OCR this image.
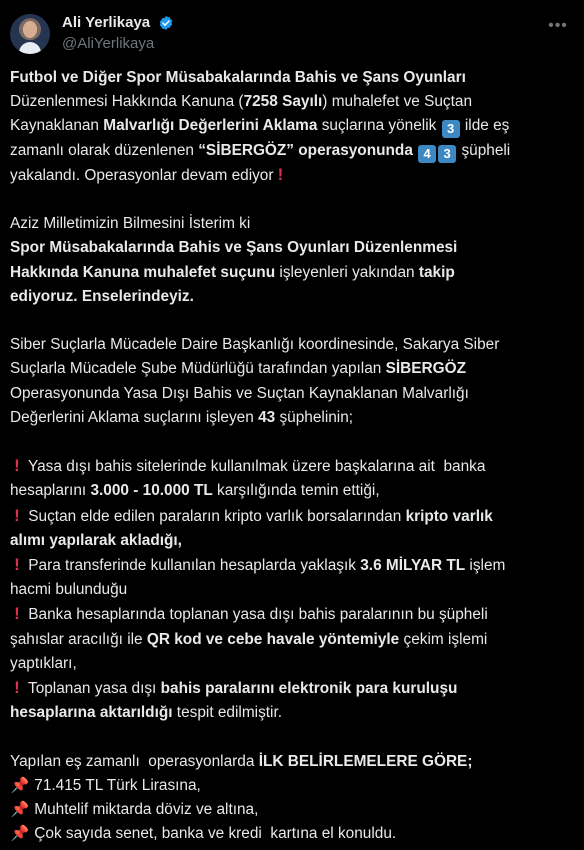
Ali Yerlikaya
@AliYerlikaya
•••
Futbol ve Diğer Spor Müsabakalarında Bahis ve Şans Oyunları
Düzenlenmesi Hakkında Kanuna (7258 Sayılı) muhalefet ve Suçtan
Kaynaklanan Malvarlığı Değerlerini Aklama suçlarına yönelik 3 ilde eş
zamanlı olarak düzenlenen “SİBERGÖZ” operasyonunda 4 3 şüpheli
yakalandı. Operasyonlar devam ediyor !

Aziz Milletimizin Bilmesini İsterim ki
Spor Müsabakalarında Bahis ve Şans Oyunları Düzenlenmesi
Hakkında Kanuna muhalefet suçunu işleyenleri yakından takip
ediyoruz. Enselerindeyiz.

Siber Suçlarla Mücadele Daire Başkanlığı koordinesinde, Sakarya Siber
Suçlarla Mücadele Şube Müdürlüğü tarafından yapılan SİBERGÖZ
Operasyonunda Yasa Dışı Bahis ve Suçtan Kaynaklanan Malvarlığı
Değerlerini Aklama suçlarını işleyen 43 şüphelinin;

! Yasa dışı bahis sitelerinde kullanılmak üzere başkalarına ait  banka
hesaplarını 3.000 - 10.000 TL karşılığında temin ettiği,
! Suçtan elde edilen paraların kripto varlık borsalarından kripto varlık
alımı yapılarak akladığı,
! Para transferinde kullanılan hesaplarda yaklaşık 3.6 MİLYAR TL işlem
hacmi bulunduğu
! Banka hesaplarında toplanan yasa dışı bahis paralarının bu şüpheli
şahıslar aracılığı ile QR kod ve cebe havale yöntemiyle çekim işlemi
yaptıkları,
! Toplanan yasa dışı bahis paralarını elektronik para kuruluşu
hesaplarına aktarıldığı tespit edilmiştir.

Yapılan eş zamanlı  operasyonlarda İLK BELİRLEMELERE GÖRE;
📌 71.415 TL Türk Lirasına,
📌 Muhtelif miktarda döviz ve altına,
📌 Çok sayıda senet, banka ve kredi  kartına el konuldu.
